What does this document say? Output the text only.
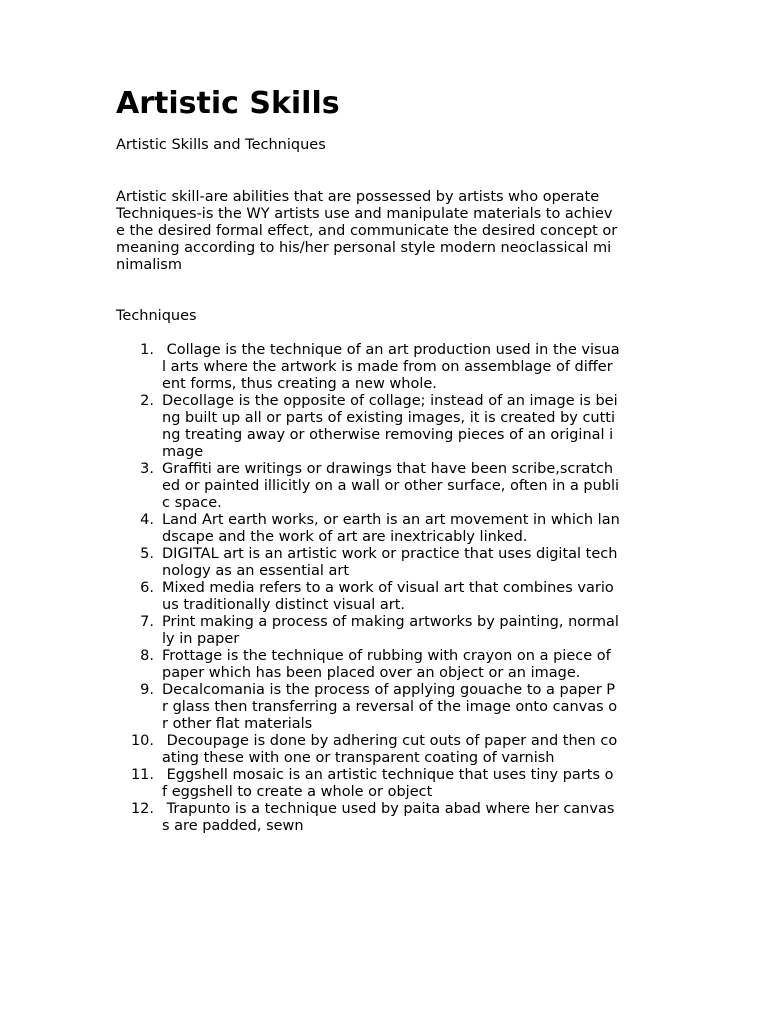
Artistic Skills

Artistic Skills and Techniques

Artistic skill-are abilities that are possessed by artists who operate
Techniques-is the WY artists use and manipulate materials to achiev
e the desired formal effect, and communicate the desired concept or
meaning according to his/her personal style modern neoclassical mi
nimalism

Techniques

1. Collage is the technique of an art production used in the visua
l arts where the artwork is made from on assemblage of differ
ent forms, thus creating a new whole.
2. Decollage is the opposite of collage; instead of an image is bei
ng built up all or parts of existing images, it is created by cutti
ng treating away or otherwise removing pieces of an original i
mage
3. Graffiti are writings or drawings that have been scribe,scratch
ed or painted illicitly on a wall or other surface, often in a publi
c space.
4. Land Art earth works, or earth is an art movement in which lan
dscape and the work of art are inextricably linked.
5. DIGITAL art is an artistic work or practice that uses digital tech
nology as an essential art
6. Mixed media refers to a work of visual art that combines vario
us traditionally distinct visual art.
7. Print making a process of making artworks by painting, normal
ly in paper
8. Frottage is the technique of rubbing with crayon on a piece of
paper which has been placed over an object or an image.
9. Decalcomania is the process of applying gouache to a paper P
r glass then transferring a reversal of the image onto canvas o
r other flat materials
10. Decoupage is done by adhering cut outs of paper and then co
ating these with one or transparent coating of varnish
11. Eggshell mosaic is an artistic technique that uses tiny parts o
f eggshell to create a whole or object
12. Trapunto is a technique used by paita abad where her canvas
s are padded, sewn
